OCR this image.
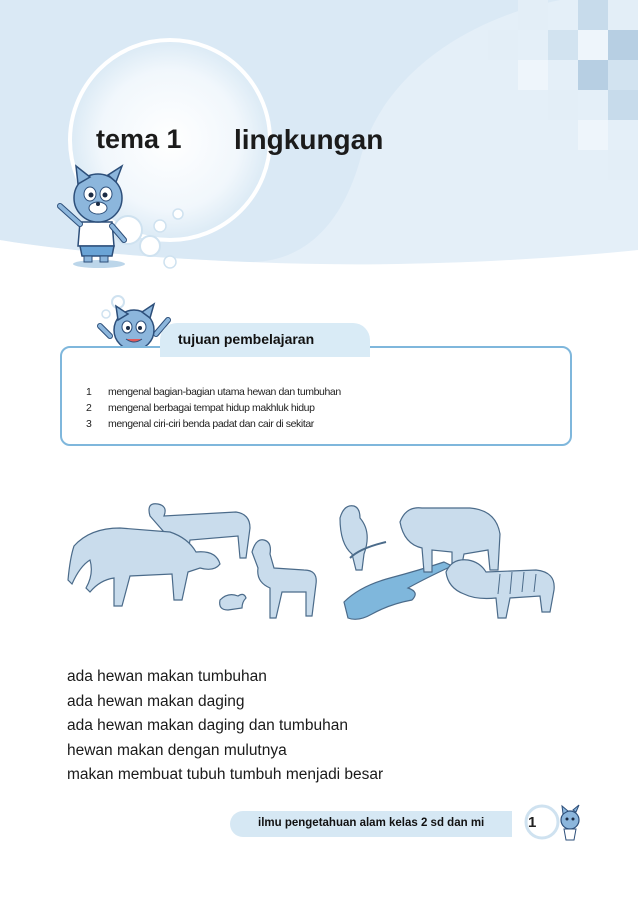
tema 1 lingkungan
tujuan pembelajaran
1 mengenal bagian-bagian utama hewan dan tumbuhan
2 mengenal berbagai tempat hidup makhluk hidup
3 mengenal ciri-ciri benda padat dan cair di sekitar
ada hewan makan tumbuhan
ada hewan makan daging
ada hewan makan daging dan tumbuhan
hewan makan dengan mulutnya
makan membuat tubuh tumbuh menjadi besar
ilmu pengetahuan alam kelas 2 sd dan mi	1
